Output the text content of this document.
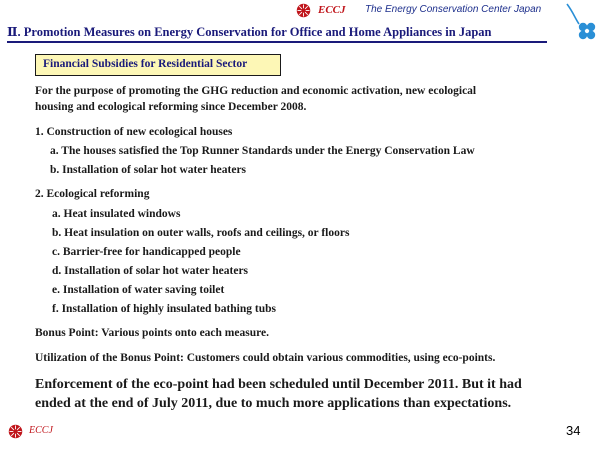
ECCJ The Energy Conservation Center Japan
Ⅱ. Promotion Measures on Energy Conservation for Office and Home Appliances in Japan
Financial Subsidies for Residential Sector
For the purpose of promoting the GHG reduction and economic activation, new ecological
housing and ecological reforming since December 2008.
1. Construction of new ecological houses
a. The houses satisfied the Top Runner Standards under the Energy Conservation Law
b. Installation of solar hot water heaters
2. Ecological reforming
a. Heat insulated windows
b. Heat insulation on outer walls, roofs and ceilings, or floors
c. Barrier-free for handicapped people
d. Installation of solar hot water heaters
e. Installation of water saving toilet
f. Installation of highly insulated bathing tubs
Bonus Point: Various points onto each measure.
Utilization of the Bonus Point: Customers could obtain various commodities, using eco-points.
Enforcement of the eco-point had been scheduled until December 2011. But it had
ended at the end of July 2011, due to much more applications than expectations.
ECCJ	34
